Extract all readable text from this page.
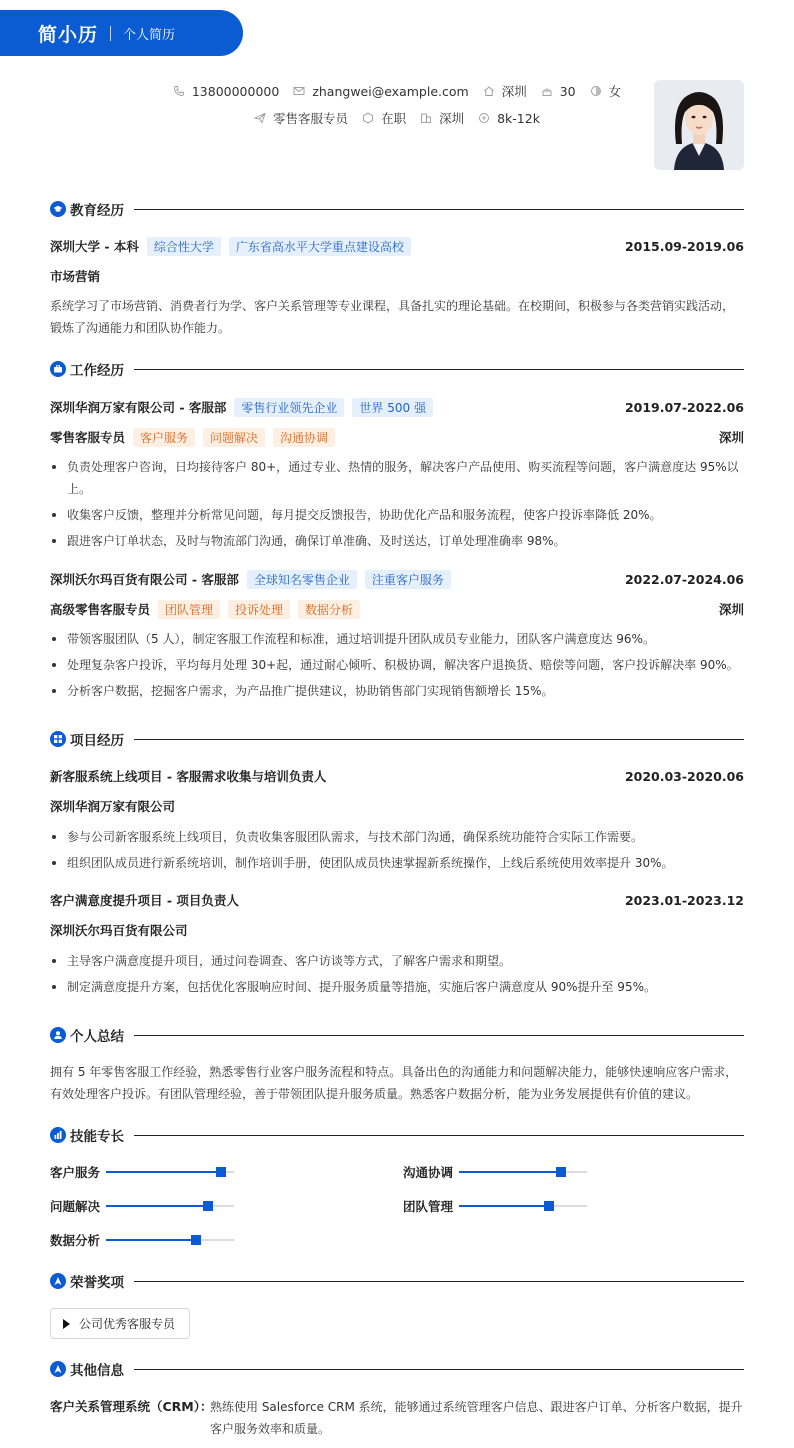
简小历 个人简历
13800000000	zhangwei@example.com	深圳	30	女
零售客服专员	在职	深圳	8k-12k
教育经历
深圳大学 - 本科	综合性大学	广东省高水平大学重点建设高校	2015.09-2019.06
市场营销
系统学习了市场营销、消费者行为学、客户关系管理等专业课程，具备扎实的理论基础。在校期间，积极参与各类营销实践活动，锻炼了沟通能力和团队协作能力。
工作经历
深圳华润万家有限公司 - 客服部	零售行业领先企业	世界 500 强	2019.07-2022.06
零售客服专员	客户服务	问题解决	沟通协调	深圳
负责处理客户咨询，日均接待客户 80+，通过专业、热情的服务，解决客户产品使用、购买流程等问题，客户满意度达 95%以上。
收集客户反馈，整理并分析常见问题，每月提交反馈报告，协助优化产品和服务流程，使客户投诉率降低 20%。
跟进客户订单状态，及时与物流部门沟通，确保订单准确、及时送达，订单处理准确率 98%。
深圳沃尔玛百货有限公司 - 客服部	全球知名零售企业	注重客户服务	2022.07-2024.06
高级零售客服专员	团队管理	投诉处理	数据分析	深圳
带领客服团队（5 人），制定客服工作流程和标准，通过培训提升团队成员专业能力，团队客户满意度达 96%。
处理复杂客户投诉，平均每月处理 30+起，通过耐心倾听、积极协调，解决客户退换货、赔偿等问题，客户投诉解决率 90%。
分析客户数据，挖掘客户需求，为产品推广提供建议，协助销售部门实现销售额增长 15%。
项目经历
新客服系统上线项目 - 客服需求收集与培训负责人	2020.03-2020.06
深圳华润万家有限公司
参与公司新客服系统上线项目，负责收集客服团队需求，与技术部门沟通，确保系统功能符合实际工作需要。
组织团队成员进行新系统培训，制作培训手册，使团队成员快速掌握新系统操作，上线后系统使用效率提升 30%。
客户满意度提升项目 - 项目负责人	2023.01-2023.12
深圳沃尔玛百货有限公司
主导客户满意度提升项目，通过问卷调查、客户访谈等方式，了解客户需求和期望。
制定满意度提升方案，包括优化客服响应时间、提升服务质量等措施，实施后客户满意度从 90%提升至 95%。
个人总结
拥有 5 年零售客服工作经验，熟悉零售行业客户服务流程和特点。具备出色的沟通能力和问题解决能力，能够快速响应客户需求，有效处理客户投诉。有团队管理经验，善于带领团队提升服务质量。熟悉客户数据分析，能为业务发展提供有价值的建议。
技能专长
客户服务	沟通协调
问题解决	团队管理
数据分析
荣誉奖项
公司优秀客服专员
其他信息
客户关系管理系统（CRM）：
熟练使用 Salesforce CRM 系统，能够通过系统管理客户信息、跟进客户订单、分析客户数据，提升客户服务效率和质量。
